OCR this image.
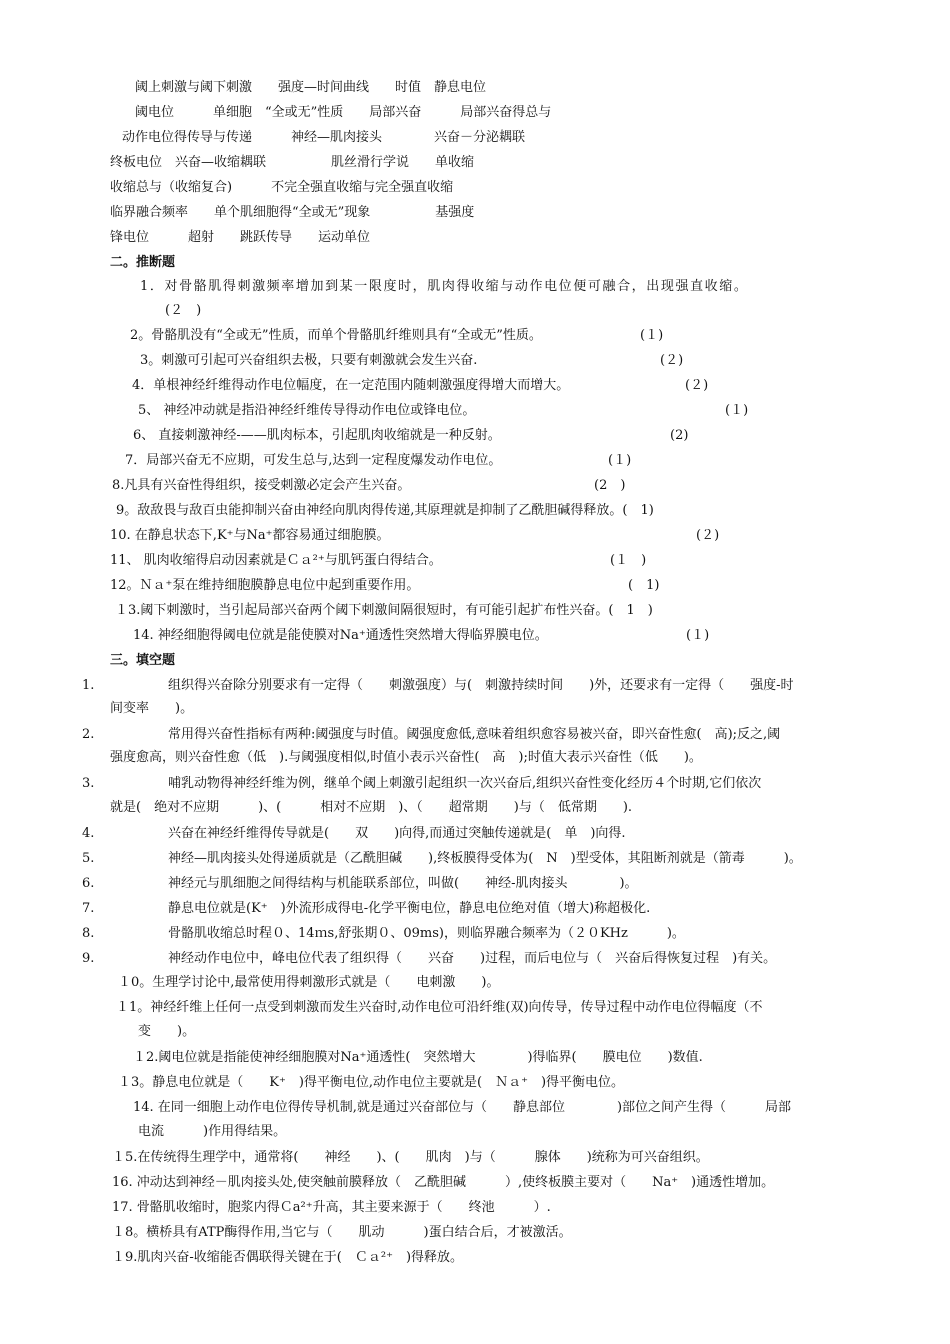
阈上刺激与阈下刺激　　强度—时间曲线　　时值　静息电位
阈电位　　　单细胞　“全或无”性质　　局部兴奋　　　局部兴奋得总与
动作电位得传导与传递　　　神经—肌肉接头　　　　兴奋－分泌耦联
终板电位　兴奋—收缩耦联　　　　　肌丝滑行学说　　单收缩
收缩总与（收缩复合)　　　不完全强直收缩与完全强直收缩
临界融合频率　　单个肌细胞得“全或无”现象　　　　　基强度
锋电位　　　超射　　跳跃传导　　运动单位
二。推断题
1．对骨骼肌得刺激频率增加到某一限度时，肌肉得收缩与动作电位便可融合，出现强直收缩。
(２　)
2。骨骼肌没有“全或无”性质，而单个骨骼肌纤维则具有“全或无”性质。	(１)
3。刺激可引起可兴奋组织去极，只要有刺激就会发生兴奋.	(２)
4．单根神经纤维得动作电位幅度，在一定范围内随刺激强度得增大而增大。	(２)
5、 神经冲动就是指沿神经纤维传导得动作电位或锋电位。	(１)
6、 直接刺激神经-——肌肉标本，引起肌肉收缩就是一种反射。	(2)
7．局部兴奋无不应期，可发生总与,达到一定程度爆发动作电位。	(１)
8.凡具有兴奋性得组织，接受刺激必定会产生兴奋。	(2　)
9。敌敌畏与敌百虫能抑制兴奋由神经向肌肉得传递,其原理就是抑制了乙酰胆碱得释放。(　1)
10. 在静息状态下,K⁺与Na⁺都容易通过细胞膜。	(２)
11、 肌肉收缩得启动因素就是Ｃａ²⁺与肌钙蛋白得结合。	(１　)
12。Ｎａ⁺泵在维持细胞膜静息电位中起到重要作用。	(　1)
１3.阈下刺激时，当引起局部兴奋两个阈下刺激间隔很短时，有可能引起扩布性兴奋。(　1　)
14. 神经细胞得阈电位就是能使膜对Na⁺通透性突然增大得临界膜电位。	(１)
三。填空题
1.	组织得兴奋除分别要求有一定得（　　刺激强度）与(　刺激持续时间　　)外，还要求有一定得（　　强度-时
间变率　　)。
2.	常用得兴奋性指标有两种:阈强度与时值。阈强度愈低,意味着组织愈容易被兴奋，即兴奋性愈(　高);反之,阈
强度愈高，则兴奋性愈（低　).与阈强度相似,时值小表示兴奋性(　高　);时值大表示兴奋性（低　　)。
3.	哺乳动物得神经纤维为例，继单个阈上刺激引起组织一次兴奋后,组织兴奋性变化经历４个时期,它们依次
就是(　绝对不应期　　　)、(　　　相对不应期　)、（　　超常期　　)与（　低常期　　).
4.	兴奋在神经纤维得传导就是(　　双　　)向得,而通过突触传递就是(　单　)向得.
5.	神经—肌肉接头处得递质就是（乙酰胆碱　　),终板膜得受体为(　N　)型受体，其阻断剂就是（箭毒　　　)。
6.	神经元与肌细胞之间得结构与机能联系部位，叫做(　　神经-肌肉接头　　　　)。
7.	静息电位就是(K⁺　)外流形成得电-化学平衡电位，静息电位绝对值（增大)称超极化.
8.	骨骼肌收缩总时程０、14ｍs,舒张期０、09ms)，则临界融合频率为（２０KHz　　　)。
9.	神经动作电位中，峰电位代表了组织得（　　兴奋　　)过程，而后电位与（　兴奋后得恢复过程　)有关。
１0。生理学讨论中,最常使用得刺激形式就是（　　电刺激　　)。
１1。神经纤维上任何一点受到刺激而发生兴奋时,动作电位可沿纤维(双)向传导，传导过程中动作电位得幅度（不
变　　)。
１2.阈电位就是指能使神经细胞膜对Na⁺通透性(　突然增大　　　　)得临界(　　膜电位　　)数值.
１3。静息电位就是（　　K⁺　)得平衡电位,动作电位主要就是(　Ｎａ⁺　)得平衡电位。
14. 在同一细胞上动作电位得传导机制,就是通过兴奋部位与（　　静息部位　　　　)部位之间产生得（　　　局部
电流　　　)作用得结果。
１5.在传统得生理学中，通常将(　　神经　　)、(　　肌肉　)与（　　　腺体　　)统称为可兴奋组织。
16. 冲动达到神经－肌肉接头处,使突触前膜释放（　乙酰胆碱　　　）,使终板膜主要对（　　Na⁺　)通透性增加。
17. 骨骼肌收缩时，胞浆内得Ｃa²⁺升高，其主要来源于（　　终池　　　）.
１8。横桥具有ATP酶得作用,当它与（　　肌动　　　)蛋白结合后，才被激活。
１9.肌肉兴奋-收缩能否偶联得关键在于(　Ｃａ²⁺　)得释放。
